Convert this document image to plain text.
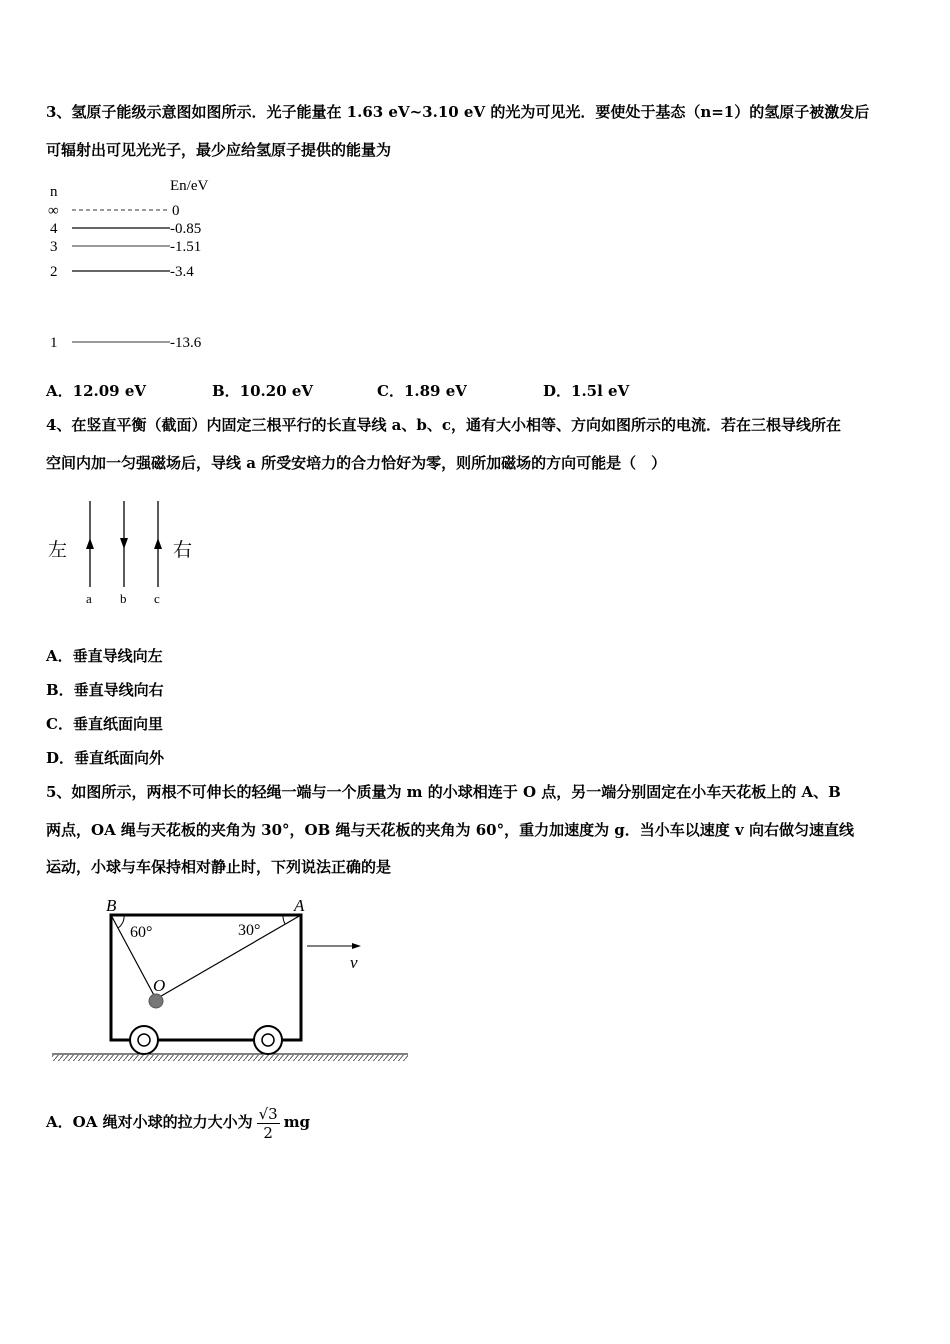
3、氢原子能级示意图如图所示．光子能量在 1.63 eV~3.10 eV 的光为可见光．要使处于基态（n=1）的氢原子被激发后
可辐射出可见光光子，最少应给氢原子提供的能量为
n	En/eV
∞
4
3
2
1
0
-0.85
-1.51
-3.4
-13.6
A．12.09 eV	B．10.20 eV	C．1.89 eV	D．1.5l eV
4、在竖直平衡（截面）内固定三根平行的长直导线 a、b、c，通有大小相等、方向如图所示的电流．若在三根导线所在
空间内加一匀强磁场后，导线 a 所受安培力的合力恰好为零，则所加磁场的方向可能是（　）
左	右
a b c
A．垂直导线向左
B．垂直导线向右
C．垂直纸面向里
D．垂直纸面向外
5、如图所示，两根不可伸长的轻绳一端与一个质量为 m 的小球相连于 O 点，另一端分别固定在小车天花板上的 A、B
两点，OA 绳与天花板的夹角为 30°，OB 绳与天花板的夹角为 60°，重力加速度为 g．当小车以速度 v 向右做匀速直线
运动，小球与车保持相对静止时，下列说法正确的是
B	A
O
60°	30°
v
A．OA 绳对小球的拉力大小为 $\frac{√3}{2}$ mg
